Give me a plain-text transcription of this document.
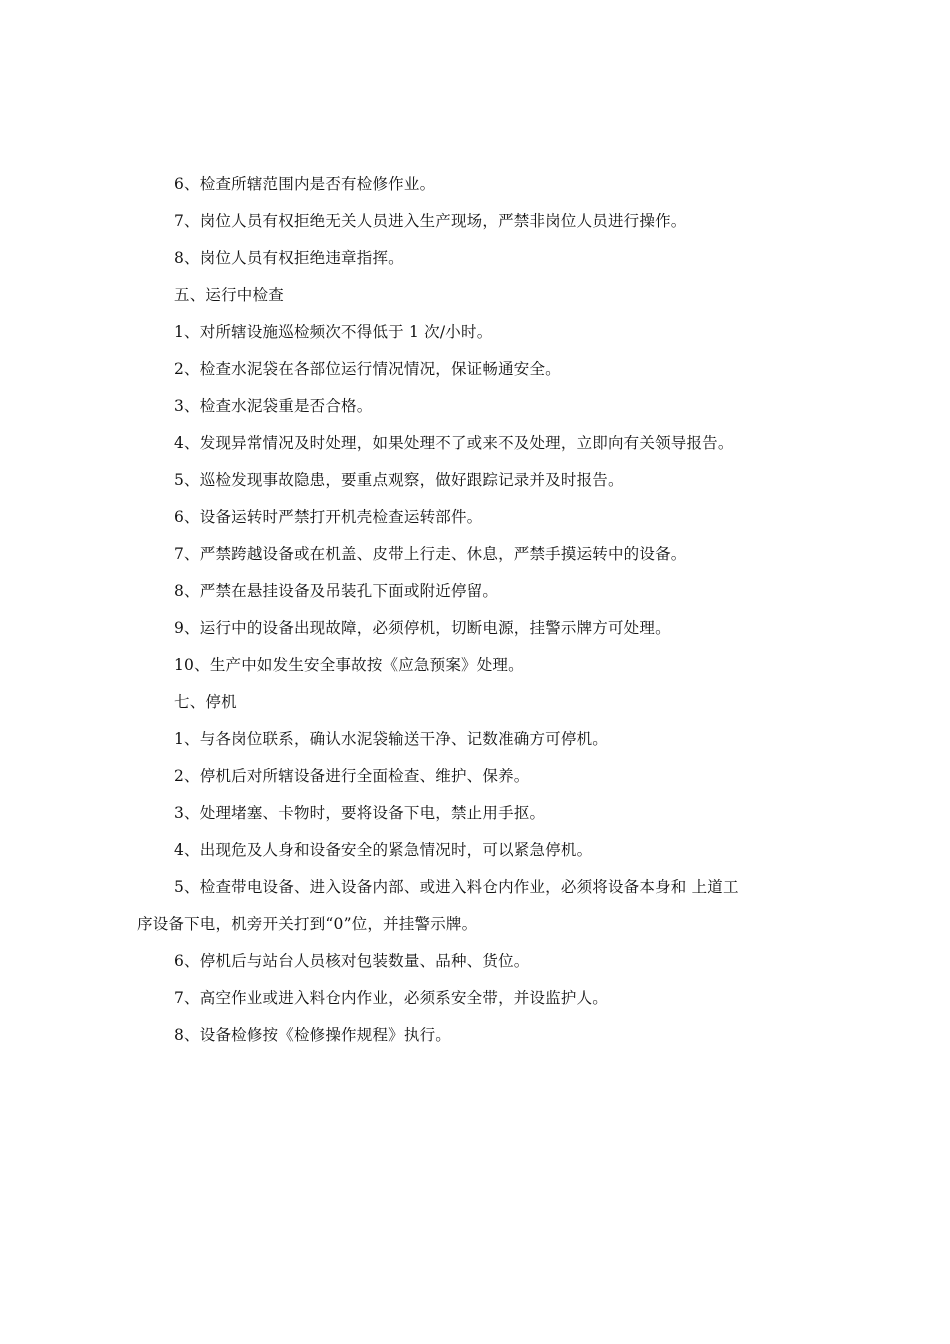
6、检查所辖范围内是否有检修作业。
7、岗位人员有权拒绝无关人员进入生产现场，严禁非岗位人员进行操作。
8、岗位人员有权拒绝违章指挥。
五、运行中检查
1、对所辖设施巡检频次不得低于 1 次/小时。
2、检查水泥袋在各部位运行情况情况，保证畅通安全。
3、检查水泥袋重是否合格。
4、发现异常情况及时处理，如果处理不了或来不及处理，立即向有关领导报告。
5、巡检发现事故隐患，要重点观察，做好跟踪记录并及时报告。
6、设备运转时严禁打开机壳检查运转部件。
7、严禁跨越设备或在机盖、皮带上行走、休息，严禁手摸运转中的设备。
8、严禁在悬挂设备及吊装孔下面或附近停留。
9、运行中的设备出现故障，必须停机，切断电源，挂警示牌方可处理。
10、生产中如发生安全事故按《应急预案》处理。
七、停机
1、与各岗位联系，确认水泥袋输送干净、记数准确方可停机。
2、停机后对所辖设备进行全面检查、维护、保养。
3、处理堵塞、卡物时，要将设备下电，禁止用手抠。
4、出现危及人身和设备安全的紧急情况时，可以紧急停机。
5、检查带电设备、进入设备内部、或进入料仓内作业，必须将设备本身和 上道工
序设备下电，机旁开关打到“0”位，并挂警示牌。
6、停机后与站台人员核对包装数量、品种、货位。
7、高空作业或进入料仓内作业，必须系安全带，并设监护人。
8、设备检修按《检修操作规程》执行。
